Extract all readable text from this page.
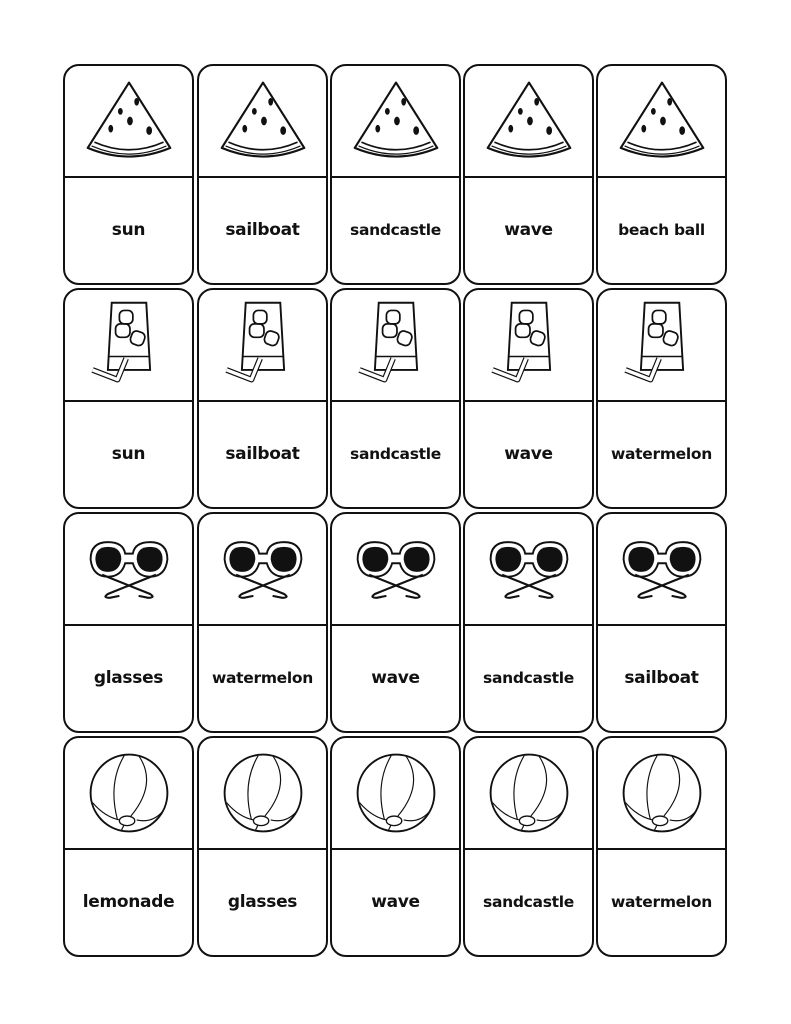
sun	sailboat	sandcastle	wave	beach ball
sun	sailboat	sandcastle	wave	watermelon
glasses	watermelon	wave	sandcastle	sailboat
lemonade	glasses	wave	sandcastle	watermelon
